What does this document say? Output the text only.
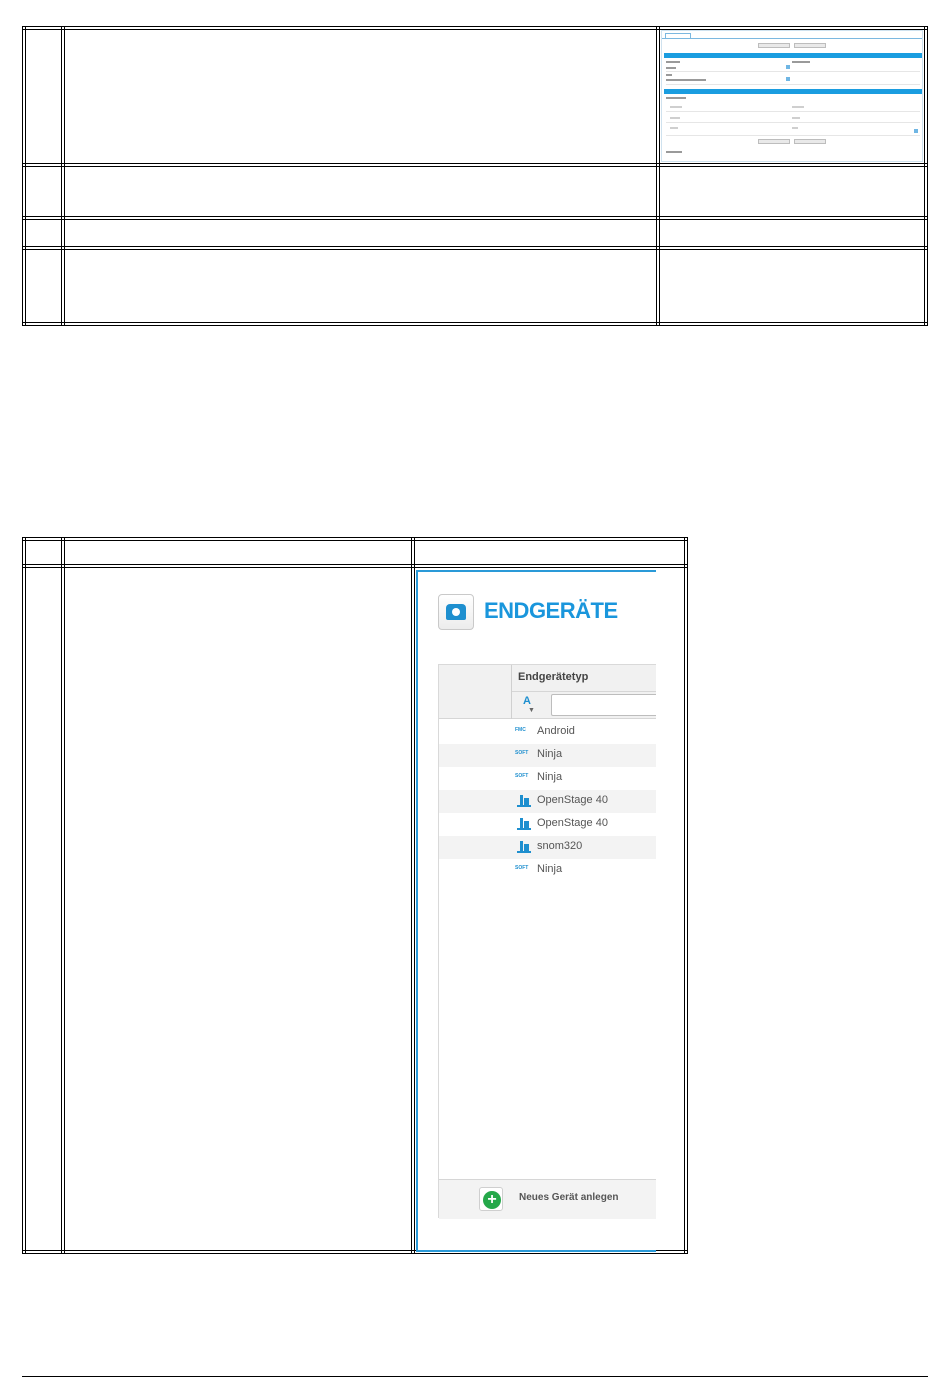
ENDGERÄTE
Endgerätetyp
A
▼
FMC Android
SOFT Ninja
SOFT Ninja
OpenStage 40
OpenStage 40
snom320
SOFT Ninja
+	Neues Gerät anlegen
